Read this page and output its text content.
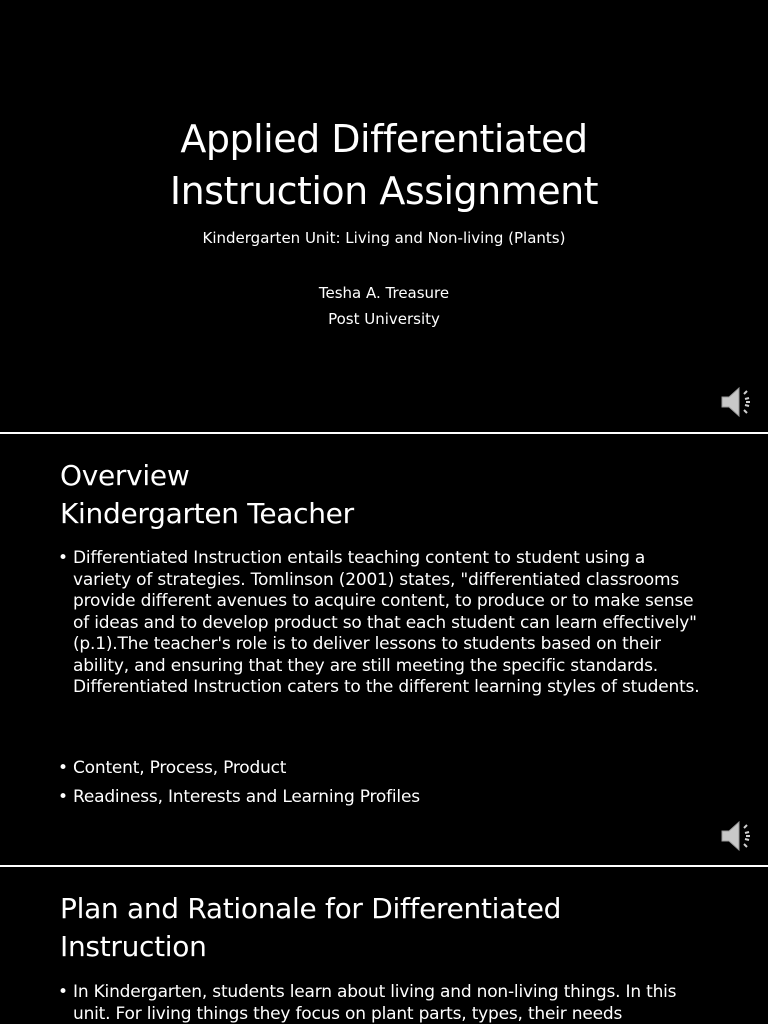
Applied Differentiated
Instruction Assignment
Kindergarten Unit: Living and Non-living (Plants)
Tesha A. Treasure
Post University
Overview
Kindergarten Teacher
• Differentiated Instruction entails teaching content to student using a variety of strategies. Tomlinson (2001) states, "differentiated classrooms provide different avenues to acquire content, to produce or to make sense of ideas and to develop product so that each student can learn effectively" (p.1).The teacher's role is to deliver lessons to students based on their ability, and ensuring that they are still meeting the specific standards. Differentiated Instruction caters to the different learning styles of students.
• Content, Process, Product
• Readiness, Interests and Learning Profiles
Plan and Rationale for Differentiated
Instruction
• In Kindergarten, students learn about living and non-living things. In this unit. For living things they focus on plant parts, types, their needs
